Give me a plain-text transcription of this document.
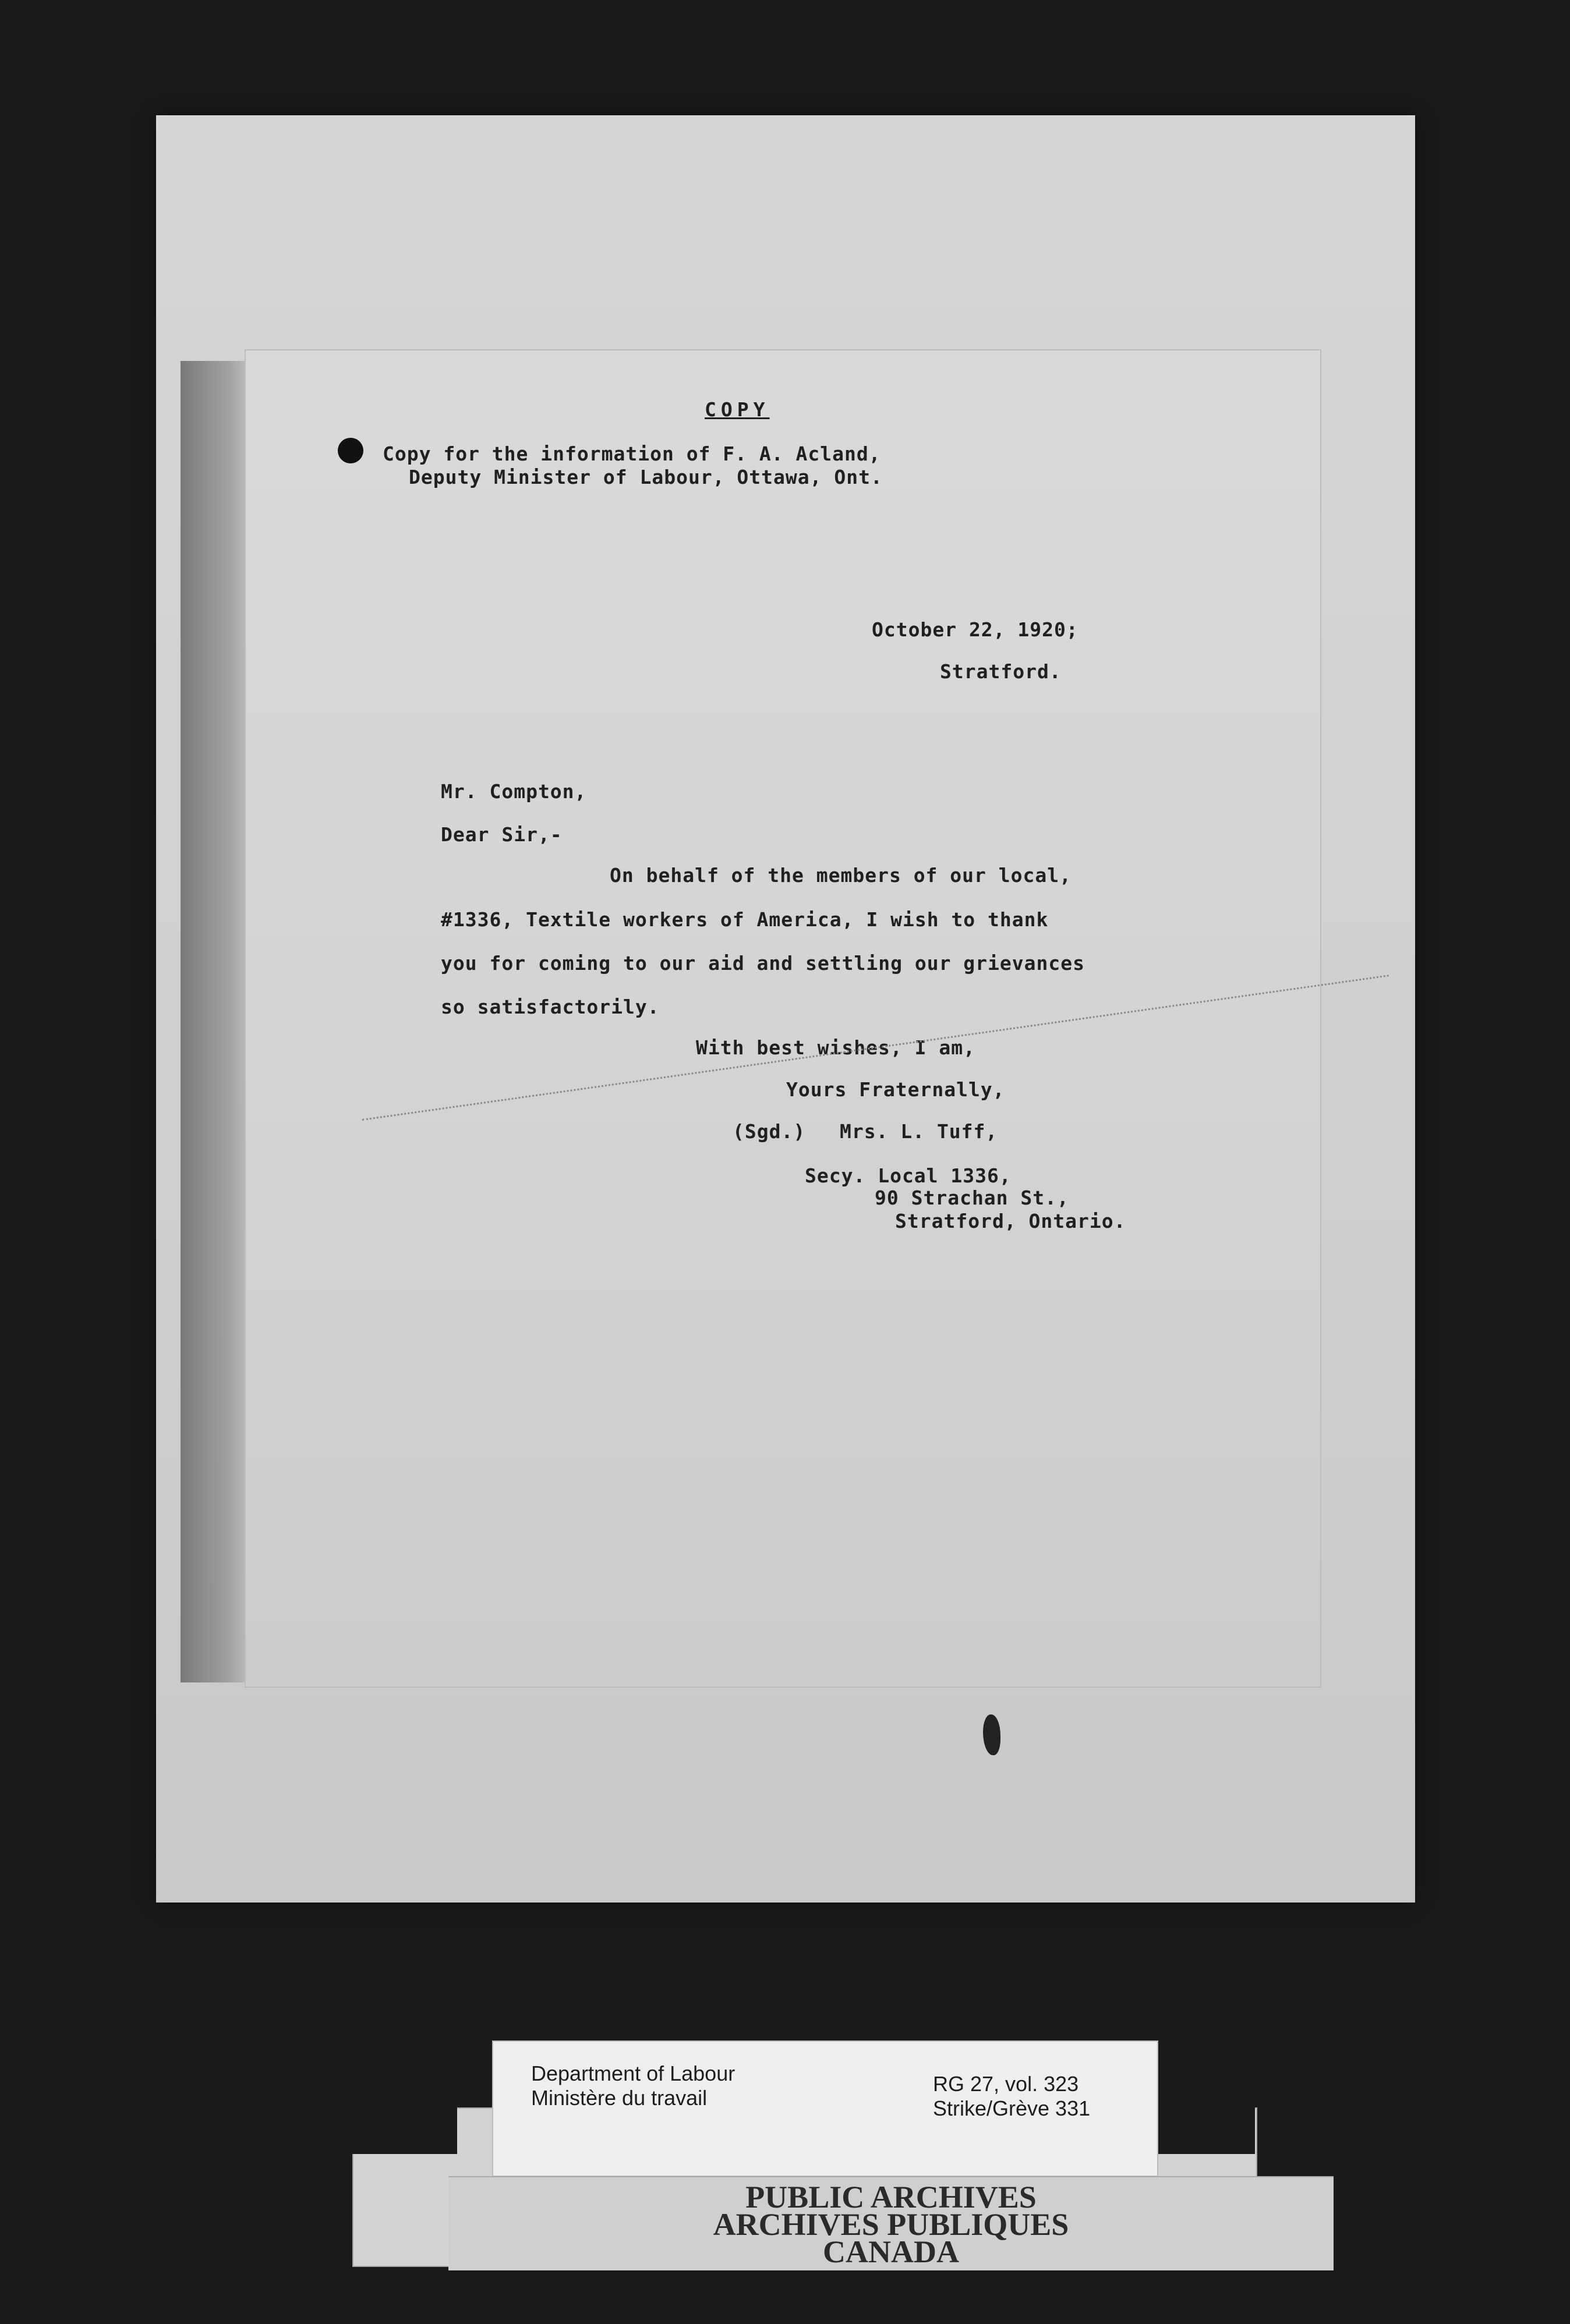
COPY
Copy for the information of F. A. Acland,
Deputy Minister of Labour, Ottawa, Ont.
October 22, 1920;
Stratford.
Mr. Compton,
Dear Sir,-
On behalf of the members of our local,
#1336, Textile workers of America, I wish to thank
you for coming to our aid and settling our grievances
so satisfactorily.
With best wishes, I am,
Yours Fraternally,
(Sgd.) Mrs. L. Tuff,
Secy. Local 1336,
90 Strachan St.,
Stratford, Ontario.
Department of Labour
Ministère du travail
RG 27, vol. 323
Strike/Grève 331
PUBLIC ARCHIVES
ARCHIVES PUBLIQUES
CANADA
